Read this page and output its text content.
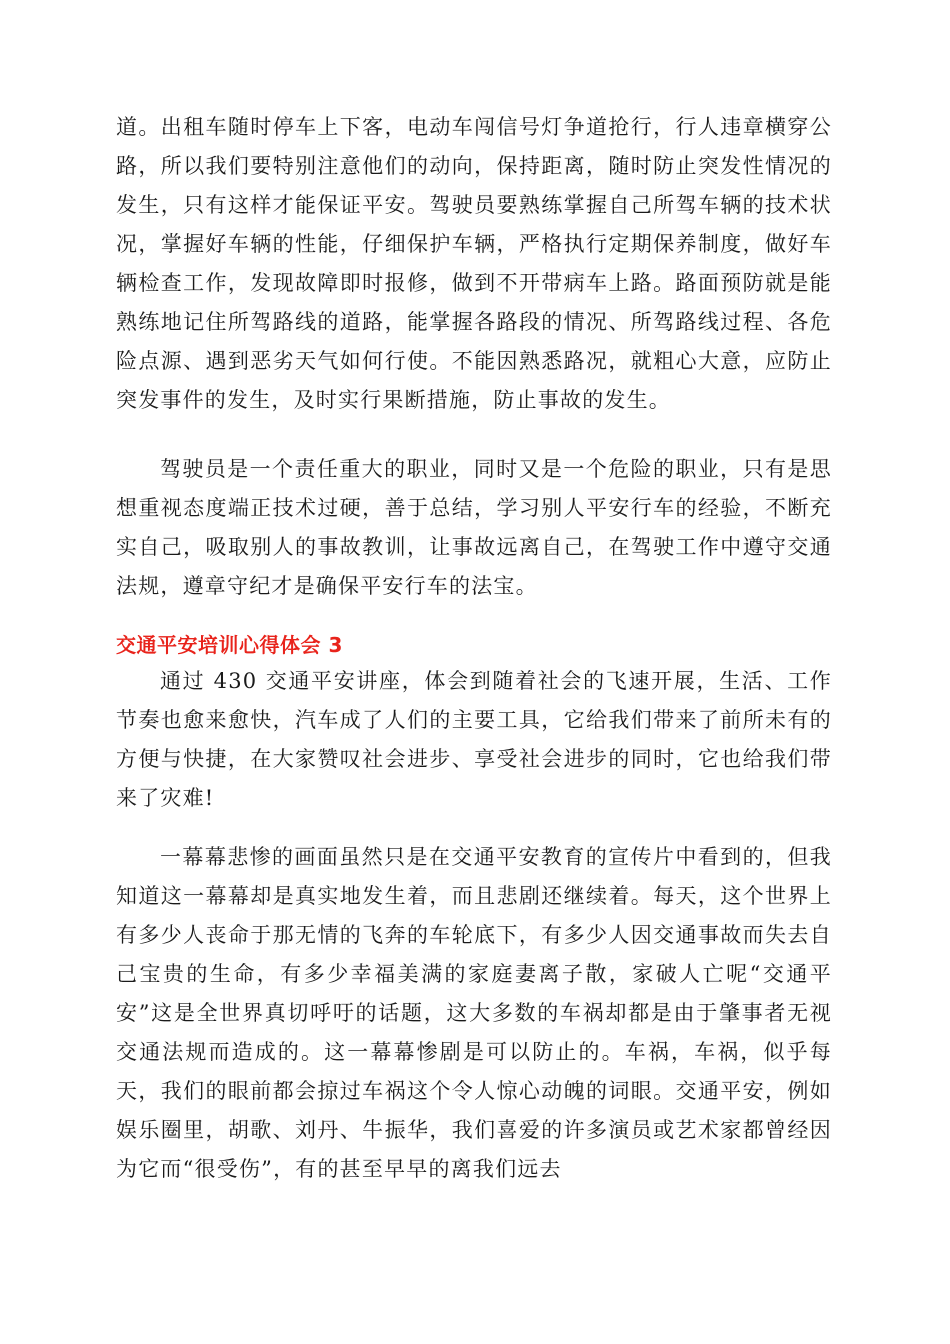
道。出租车随时停车上下客，电动车闯信号灯争道抢行，行人违章横穿公路，所以我们要特别注意他们的动向，保持距离，随时防止突发性情况的发生，只有这样才能保证平安。驾驶员要熟练掌握自己所驾车辆的技术状况，掌握好车辆的性能，仔细保护车辆，严格执行定期保养制度，做好车辆检查工作，发现故障即时报修，做到不开带病车上路。路面预防就是能熟练地记住所驾路线的道路，能掌握各路段的情况、所驾路线过程、各危险点源、遇到恶劣天气如何行使。不能因熟悉路况，就粗心大意，应防止突发事件的发生，及时实行果断措施，防止事故的发生。

驾驶员是一个责任重大的职业，同时又是一个危险的职业，只有是思想重视态度端正技术过硬，善于总结，学习别人平安行车的经验，不断充实自己，吸取别人的事故教训，让事故远离自己，在驾驶工作中遵守交通法规，遵章守纪才是确保平安行车的法宝。

交通平安培训心得体会 3

通过 430 交通平安讲座，体会到随着社会的飞速开展，生活、工作节奏也愈来愈快，汽车成了人们的主要工具，它给我们带来了前所未有的方便与快捷，在大家赞叹社会进步、享受社会进步的同时，它也给我们带来了灾难!

一幕幕悲惨的画面虽然只是在交通平安教育的宣传片中看到的，但我知道这一幕幕却是真实地发生着，而且悲剧还继续着。每天，这个世界上有多少人丧命于那无情的飞奔的车轮底下，有多少人因交通事故而失去自己宝贵的生命，有多少幸福美满的家庭妻离子散，家破人亡呢“交通平安”这是全世界真切呼吁的话题，这大多数的车祸却都是由于肇事者无视交通法规而造成的。这一幕幕惨剧是可以防止的。车祸，车祸，似乎每天，我们的眼前都会掠过车祸这个令人惊心动魄的词眼。交通平安，例如娱乐圈里，胡歌、刘丹、牛振华，我们喜爱的许多演员或艺术家都曾经因为它而“很受伤”，有的甚至早早的离我们远去
